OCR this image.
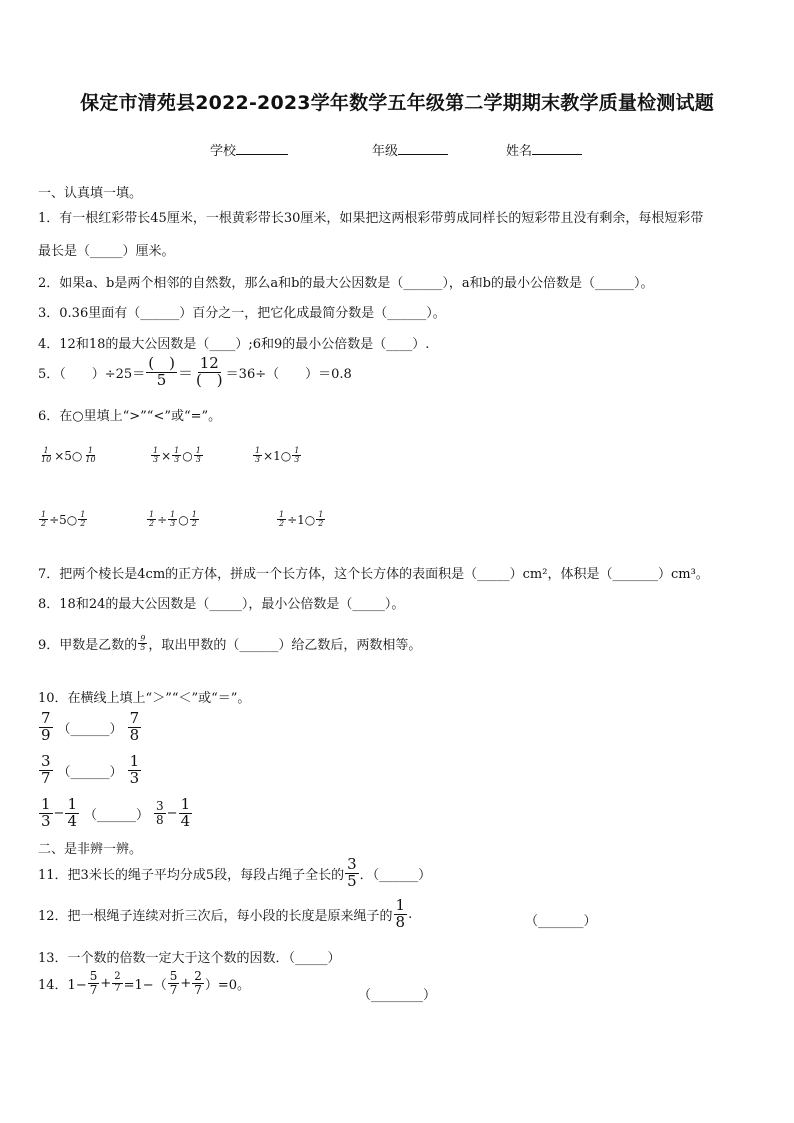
保定市清苑县2022-2023学年数学五年级第二学期期末教学质量检测试题
学校	年级	姓名
一、认真填一填。
1．有一根红彩带长45厘米，一根黄彩带长30厘米，如果把这两根彩带剪成同样长的短彩带且没有剩余，每根短彩带
最长是（_____）厘米。
2．如果a、b是两个相邻的自然数，那么a和b的最大公因数是（______），a和b的最小公倍数是（______）。
3．0.36里面有（______）百分之一，把它化成最简分数是（______）。
4．12和18的最大公因数是（____）;6和9的最小公倍数是（____）.
5．（　　）$\div 25= \frac{( )}{5} = \frac{12}{( )} =36\div$（　　）＝0.8
6．在○里填上“>”“<”或“=”。
$\frac{1}{10}$ ×5○ $\frac{1}{10}$	$\frac{1}{3} \times \frac{1}{3}$ ○ $\frac{1}{3}$	$\frac{1}{3}$ ×1○ $\frac{1}{3}$
$\frac{1}{2}$ ÷5○ $\frac{1}{2}$	$\frac{1}{2} \div \frac{1}{3}$ ○ $\frac{1}{2}$	$\frac{1}{2}$ ÷1○ $\frac{1}{2}$
7．把两个棱长是4cm的正方体，拼成一个长方体，这个长方体的表面积是（_____）cm²，体积是（_______）cm³。
8．18和24的最大公因数是（_____），最小公倍数是（_____）。
9．甲数是乙数的 $\frac{9}{5}$ ，取出甲数的（______）给乙数后，两数相等。
10．在横线上填上“＞”“＜”或“＝”。
$\frac{7}{9}$ （______） $\frac{7}{8}$
$\frac{3}{7}$ （______） $\frac{1}{3}$
$\frac{1}{3} - \frac{1}{4}$ （______） $\frac{3}{8} - \frac{1}{4}$
二、是非辨一辨。
11．把3米长的绳子平均分成5段，每段占绳子全长的 $\frac{3}{5}$ ．（______）
12．把一根绳子连续对折三次后，每小段的长度是原来绳子的 $\frac{1}{8}$ .	（_______）
13．一个数的倍数一定大于这个数的因数．（_____）
14．$1- \frac{5}{7} + \frac{2}{7} =1-( \frac{5}{7} + \frac{2}{7} )=0$。
（________）
